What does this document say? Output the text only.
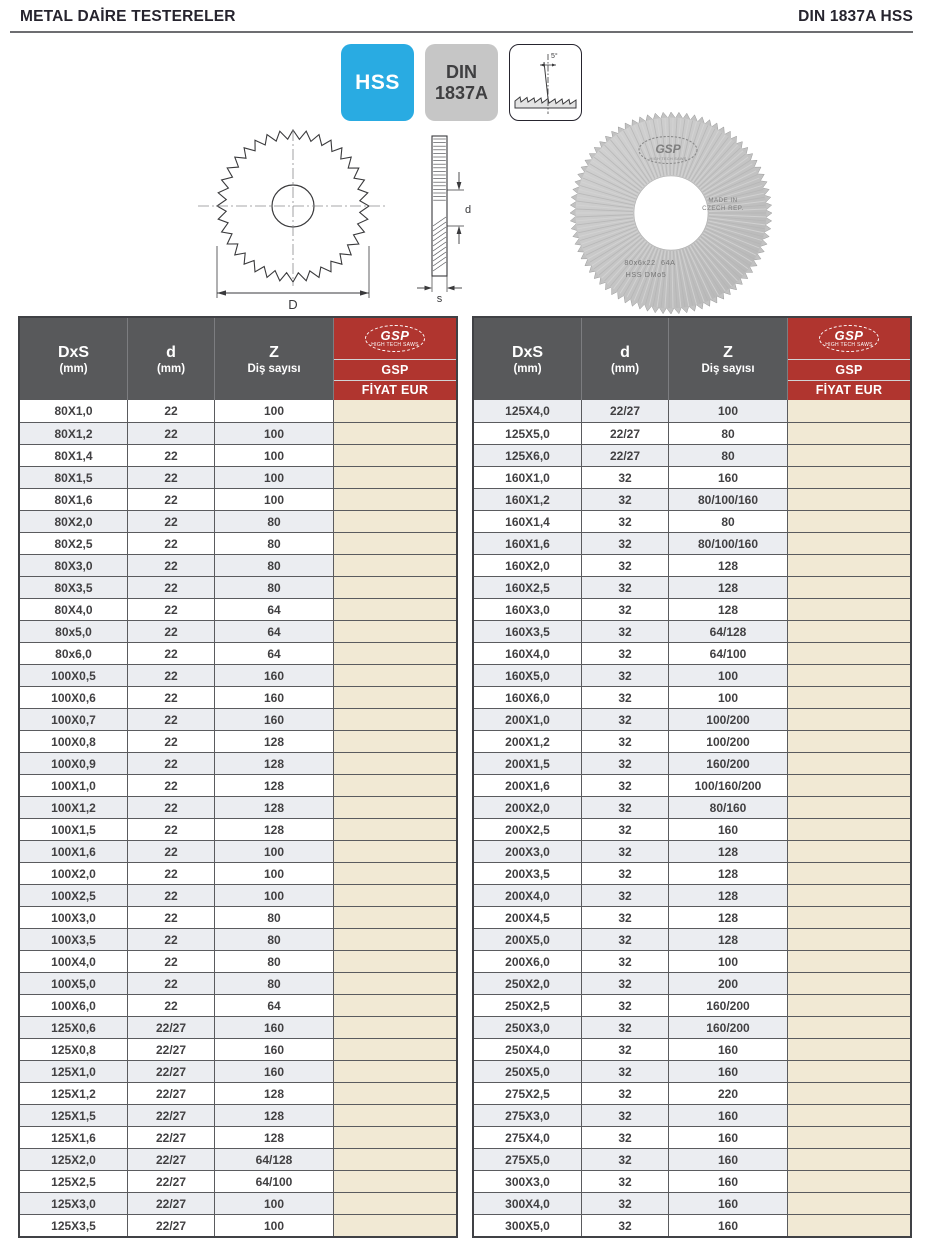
METAL DAİRE TESTERELER	DIN 1837A HSS
HSS	DIN
1837A
5°
D
d
s
GSP
HIGH TECH SAWS
MADE IN
CZECH REP.
80x6x22  64A
HSS DMo5
DxS
(mm)
d
(mm)
Z
Diş sayısı
GSP
HIGH TECH SAWS
GSP
FİYAT EUR
80X1,0	22	100
80X1,2	22	100
80X1,4	22	100
80X1,5	22	100
80X1,6	22	100
80X2,0	22	80
80X2,5	22	80
80X3,0	22	80
80X3,5	22	80
80X4,0	22	64
80x5,0	22	64
80x6,0	22	64
100X0,5	22	160
100X0,6	22	160
100X0,7	22	160
100X0,8	22	128
100X0,9	22	128
100X1,0	22	128
100X1,2	22	128
100X1,5	22	128
100X1,6	22	100
100X2,0	22	100
100X2,5	22	100
100X3,0	22	80
100X3,5	22	80
100X4,0	22	80
100X5,0	22	80
100X6,0	22	64
125X0,6	22/27	160
125X0,8	22/27	160
125X1,0	22/27	160
125X1,2	22/27	128
125X1,5	22/27	128
125X1,6	22/27	128
125X2,0	22/27	64/128
125X2,5	22/27	64/100
125X3,0	22/27	100
125X3,5	22/27	100
DxS
(mm)
d
(mm)
Z
Diş sayısı
GSP
HIGH TECH SAWS
GSP
FİYAT EUR
125X4,0	22/27	100
125X5,0	22/27	80
125X6,0	22/27	80
160X1,0	32	160
160X1,2	32	80/100/160
160X1,4	32	80
160X1,6	32	80/100/160
160X2,0	32	128
160X2,5	32	128
160X3,0	32	128
160X3,5	32	64/128
160X4,0	32	64/100
160X5,0	32	100
160X6,0	32	100
200X1,0	32	100/200
200X1,2	32	100/200
200X1,5	32	160/200
200X1,6	32	100/160/200
200X2,0	32	80/160
200X2,5	32	160
200X3,0	32	128
200X3,5	32	128
200X4,0	32	128
200X4,5	32	128
200X5,0	32	128
200X6,0	32	100
250X2,0	32	200
250X2,5	32	160/200
250X3,0	32	160/200
250X4,0	32	160
250X5,0	32	160
275X2,5	32	220
275X3,0	32	160
275X4,0	32	160
275X5,0	32	160
300X3,0	32	160
300X4,0	32	160
300X5,0	32	160
